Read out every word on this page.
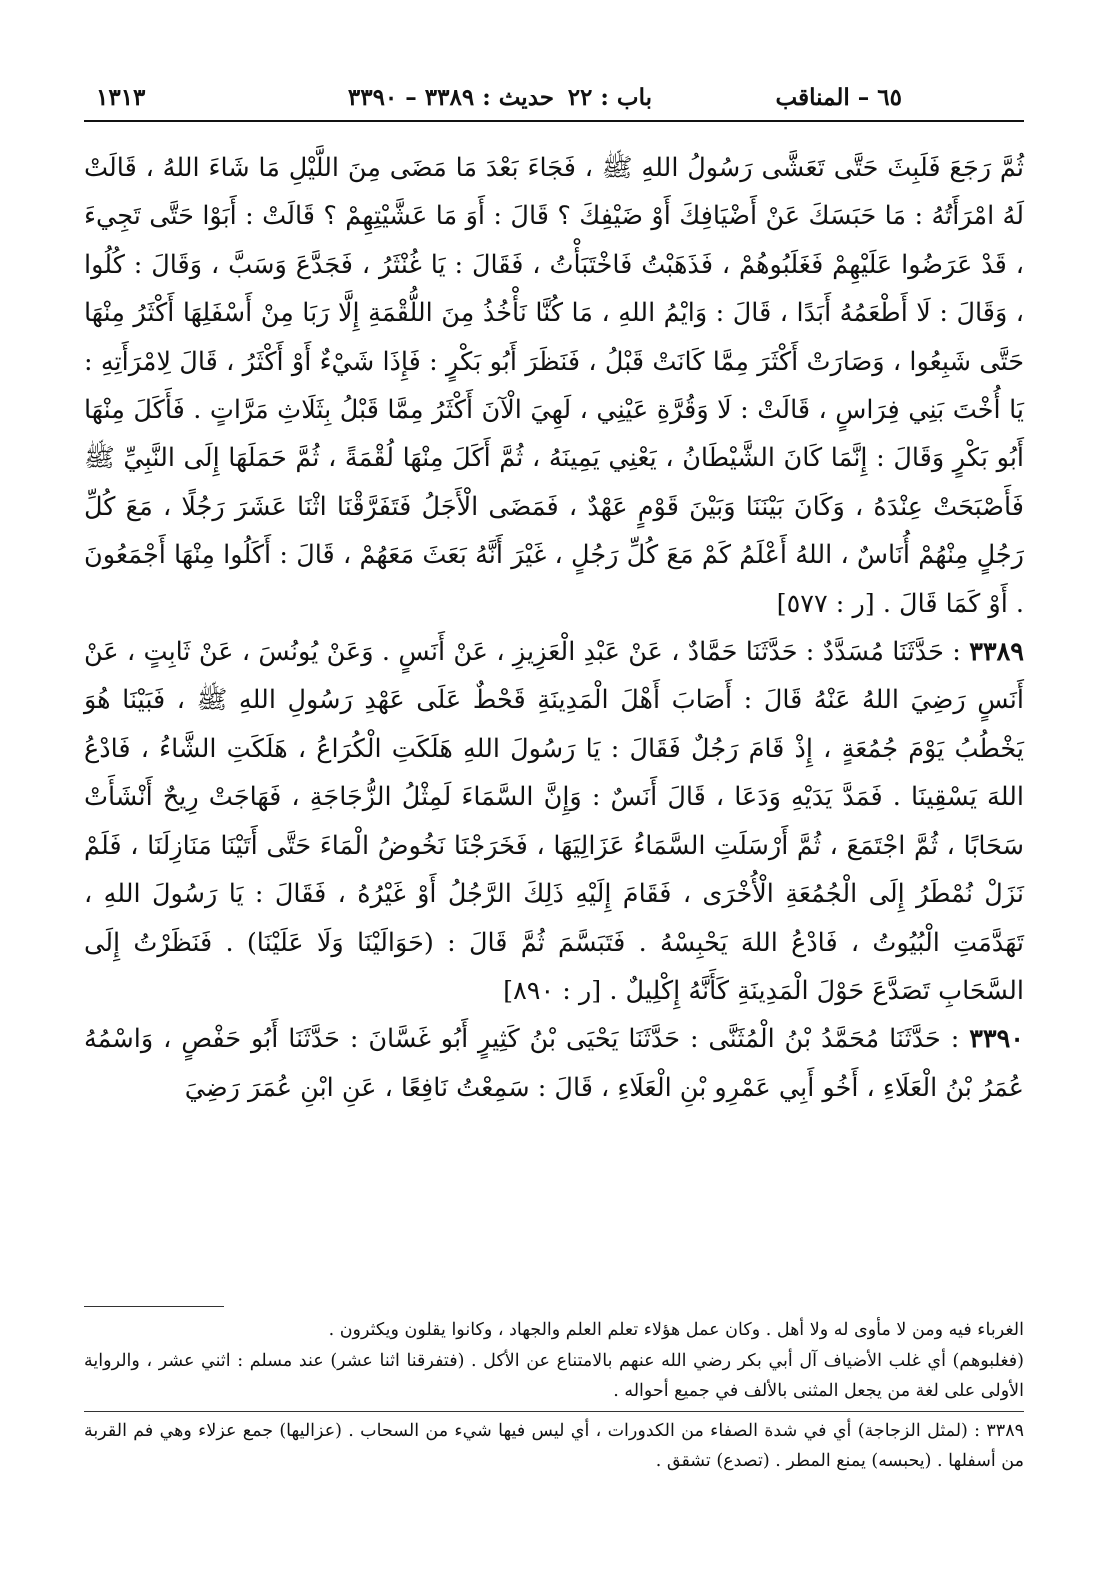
٦٥ – المناقب
باب : ٢٢
حديث : ٣٣٨٩ – ٣٣٩٠
١٣١٣

ثُمَّ رَجَعَ فَلَبِثَ حَتَّى تَعَشَّى رَسُولُ اللهِ ﷺ ، فَجَاءَ بَعْدَ مَا مَضَى مِنَ اللَّيْلِ مَا شَاءَ اللهُ ، قَالَتْ لَهُ امْرَأَتُهُ : مَا حَبَسَكَ عَنْ أَضْيَافِكَ أَوْ ضَيْفِكَ ؟ قَالَ : أَوَ مَا عَشَّيْتِهِمْ ؟ قَالَتْ : أَبَوْا حَتَّى تَجِيءَ ، قَدْ عَرَضُوا عَلَيْهِمْ فَغَلَبُوهُمْ ، فَذَهَبْتُ فَاخْتَبَأْتُ ، فَقَالَ : يَا غُنْثَرُ ، فَجَدَّعَ وَسَبَّ ، وَقَالَ : كُلُوا ، وَقَالَ : لَا أَطْعَمُهُ أَبَدًا ، قَالَ : وَايْمُ اللهِ ، مَا كُنَّا نَأْخُذُ مِنَ اللُّقْمَةِ إِلَّا رَبَا مِنْ أَسْفَلِهَا أَكْثَرُ مِنْهَا حَتَّى شَبِعُوا ، وَصَارَتْ أَكْثَرَ مِمَّا كَانَتْ قَبْلُ ، فَنَظَرَ أَبُو بَكْرٍ : فَإِذَا شَيْءٌ أَوْ أَكْثَرُ ، قَالَ لِامْرَأَتِهِ : يَا أُخْتَ بَنِي فِرَاسٍ ، قَالَتْ : لَا وَقُرَّةِ عَيْنِي ، لَهِيَ الْآنَ أَكْثَرُ مِمَّا قَبْلُ بِثَلَاثِ مَرَّاتٍ . فَأَكَلَ مِنْهَا أَبُو بَكْرٍ وَقَالَ : إِنَّمَا كَانَ الشَّيْطَانُ ، يَعْنِي يَمِينَهُ ، ثُمَّ أَكَلَ مِنْهَا لُقْمَةً ، ثُمَّ حَمَلَهَا إِلَى النَّبِيِّ ﷺ فَأَصْبَحَتْ عِنْدَهُ ، وَكَانَ بَيْنَنَا وَبَيْنَ قَوْمٍ عَهْدٌ ، فَمَضَى الْأَجَلُ فَتَفَرَّقْنَا اثْنَا عَشَرَ رَجُلًا ، مَعَ كُلِّ رَجُلٍ مِنْهُمْ أُنَاسٌ ، اللهُ أَعْلَمُ كَمْ مَعَ كُلِّ رَجُلٍ ، غَيْرَ أَنَّهُ بَعَثَ مَعَهُمْ ، قَالَ : أَكَلُوا مِنْهَا أَجْمَعُونَ . أَوْ كَمَا قَالَ . [ر : ٥٧٧]

٣٣٨٩ : حَدَّثَنَا مُسَدَّدٌ : حَدَّثَنَا حَمَّادٌ ، عَنْ عَبْدِ الْعَزِيزِ ، عَنْ أَنَسٍ . وَعَنْ يُونُسَ ، عَنْ ثَابِتٍ ، عَنْ أَنَسٍ رَضِيَ اللهُ عَنْهُ قَالَ : أَصَابَ أَهْلَ الْمَدِينَةِ قَحْطٌ عَلَى عَهْدِ رَسُولِ اللهِ ﷺ ، فَبَيْنَا هُوَ يَخْطُبُ يَوْمَ جُمُعَةٍ ، إِذْ قَامَ رَجُلٌ فَقَالَ : يَا رَسُولَ اللهِ هَلَكَتِ الْكُرَاعُ ، هَلَكَتِ الشَّاءُ ، فَادْعُ اللهَ يَسْقِينَا . فَمَدَّ يَدَيْهِ وَدَعَا ، قَالَ أَنَسٌ : وَإِنَّ السَّمَاءَ لَمِثْلُ الزُّجَاجَةِ ، فَهَاجَتْ رِيحٌ أَنْشَأَتْ سَحَابًا ، ثُمَّ اجْتَمَعَ ، ثُمَّ أَرْسَلَتِ السَّمَاءُ عَزَالِيَهَا ، فَخَرَجْنَا نَخُوضُ الْمَاءَ حَتَّى أَتَيْنَا مَنَازِلَنَا ، فَلَمْ نَزَلْ نُمْطَرُ إِلَى الْجُمُعَةِ الْأُخْرَى ، فَقَامَ إِلَيْهِ ذَلِكَ الرَّجُلُ أَوْ غَيْرُهُ ، فَقَالَ : يَا رَسُولَ اللهِ ، تَهَدَّمَتِ الْبُيُوتُ ، فَادْعُ اللهَ يَحْبِسْهُ . فَتَبَسَّمَ ثُمَّ قَالَ : (حَوَالَيْنَا وَلَا عَلَيْنَا) . فَنَظَرْتُ إِلَى السَّحَابِ تَصَدَّعَ حَوْلَ الْمَدِينَةِ كَأَنَّهُ إِكْلِيلٌ . [ر : ٨٩٠]

٣٣٩٠ : حَدَّثَنَا مُحَمَّدُ بْنُ الْمُثَنَّى : حَدَّثَنَا يَحْيَى بْنُ كَثِيرٍ أَبُو غَسَّانَ : حَدَّثَنَا أَبُو حَفْصٍ ، وَاسْمُهُ عُمَرُ بْنُ الْعَلَاءِ ، أَخُو أَبِي عَمْرِو بْنِ الْعَلَاءِ ، قَالَ : سَمِعْتُ نَافِعًا ، عَنِ ابْنِ عُمَرَ رَضِيَ

الغرباء فيه ومن لا مأوى له ولا أهل . وكان عمل هؤلاء تعلم العلم والجهاد ، وكانوا يقلون ويكثرون .

(فغلبوهم) أي غلب الأضياف آل أبي بكر رضي الله عنهم بالامتناع عن الأكل . (فتفرقنا اثنا عشر) عند مسلم : اثني عشر ، والرواية الأولى على لغة من يجعل المثنى بالألف في جميع أحواله .

٣٣٨٩ : (لمثل الزجاجة) أي في شدة الصفاء من الكدورات ، أي ليس فيها شيء من السحاب . (عزاليها) جمع عزلاء وهي فم القربة من أسفلها . (يحبسه) يمنع المطر . (تصدع) تشقق .
